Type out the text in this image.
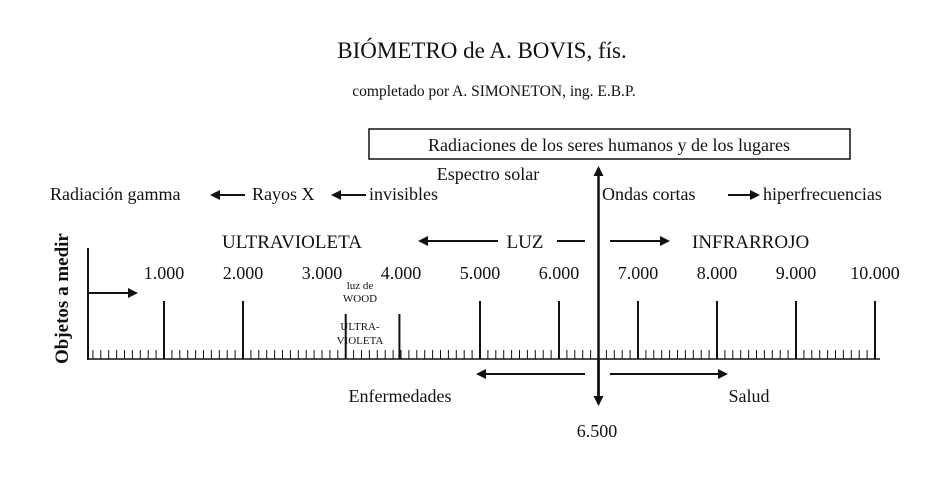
BIÓMETRO de A. BOVIS, fís.
completado por A. SIMONETON, ing. E.B.P.
Radiaciones de los seres humanos y de los lugares
Espectro solar
Radiación gamma	Rayos X	invisibles	Ondas cortas	hiperfrecuencias
ULTRAVIOLETA	LUZ	INFRARROJO
Objetos a medir	1.000 2.000 3.000 4.000 5.000 6.000 7.000 8.000 9.000 10.000
luz de
WOOD
ULTRA-
VIOLETA
Enfermedades	Salud
6.500
